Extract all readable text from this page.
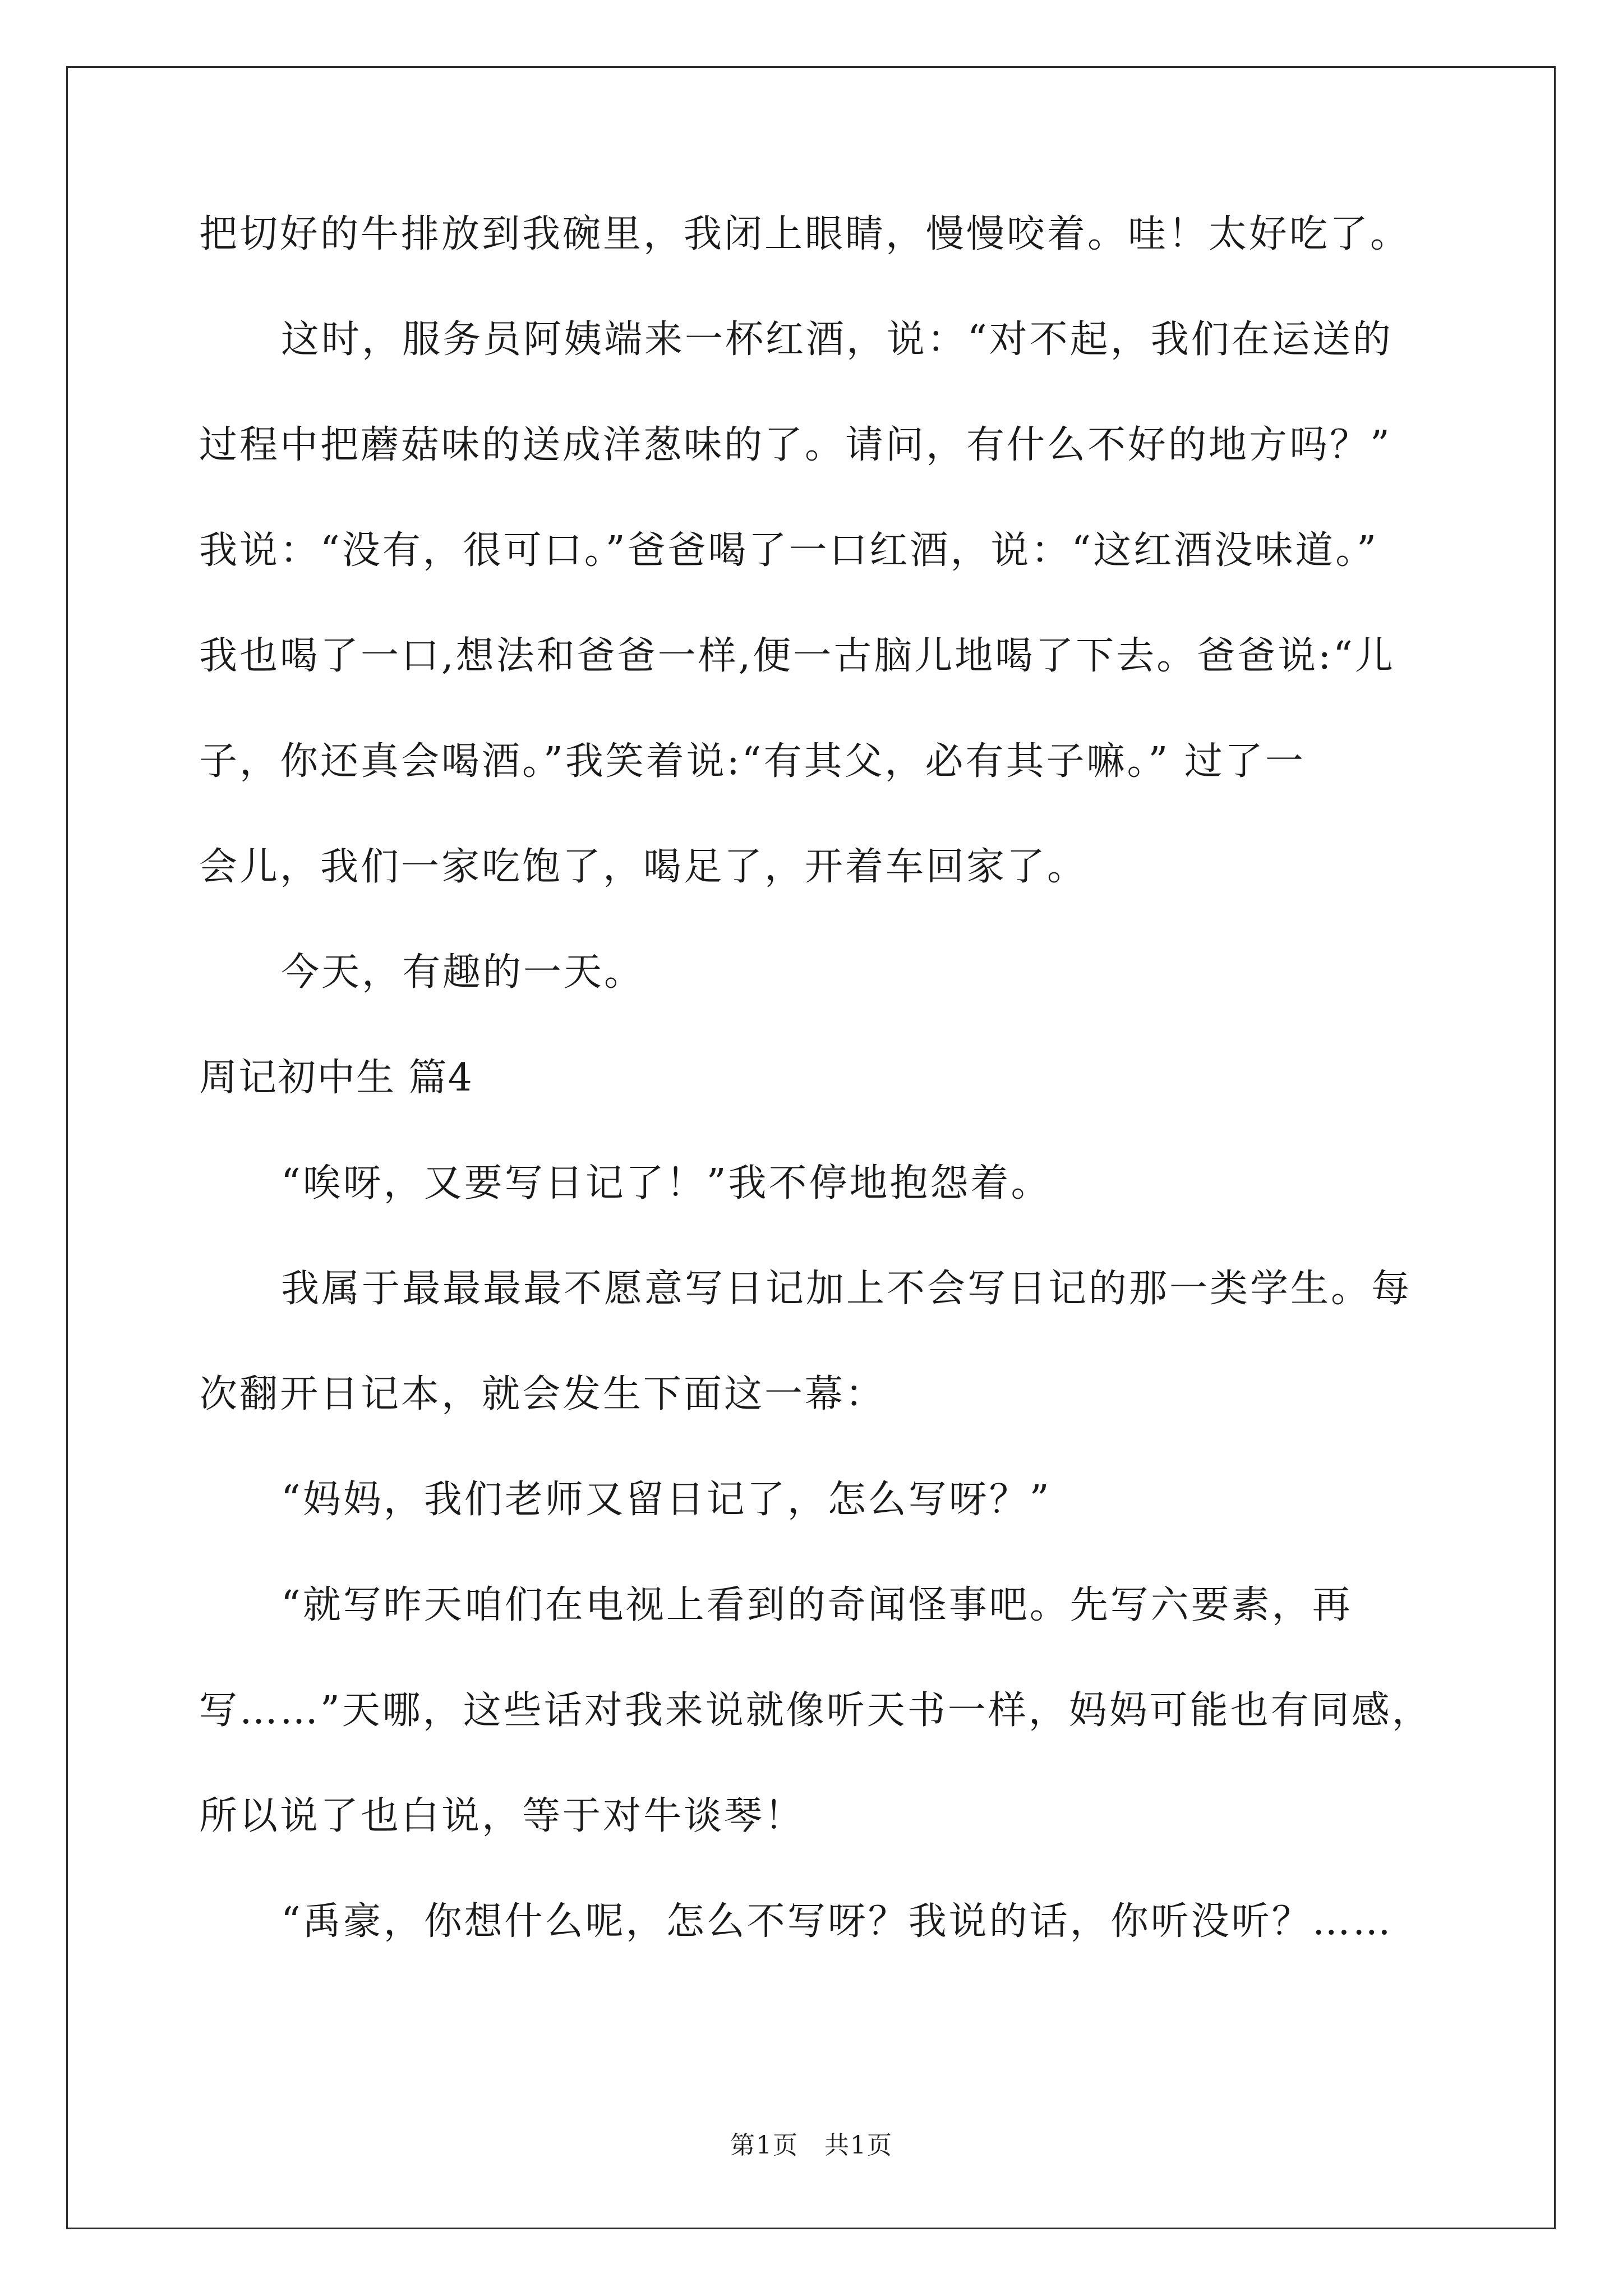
把切好的牛排放到我碗里，我闭上眼睛，慢慢咬着。哇！太好吃了。

这时，服务员阿姨端来一杯红酒，说：“对不起，我们在运送的

过程中把蘑菇味的送成洋葱味的了。请问，有什么不好的地方吗？”

我说：“没有，很可口。”爸爸喝了一口红酒，说：“这红酒没味道。”

我也喝了一口,想法和爸爸一样,便一古脑儿地喝了下去。爸爸说:“儿

子，你还真会喝酒。”我笑着说:“有其父，必有其子嘛。” 过了一

会儿，我们一家吃饱了，喝足了，开着车回家了。

今天，有趣的一天。

周记初中生 篇4

“唉呀，又要写日记了！”我不停地抱怨着。

我属于最最最最不愿意写日记加上不会写日记的那一类学生。每

次翻开日记本，就会发生下面这一幕：

“妈妈，我们老师又留日记了，怎么写呀？”

“就写昨天咱们在电视上看到的奇闻怪事吧。先写六要素，再

写……”天哪，这些话对我来说就像听天书一样，妈妈可能也有同感，

所以说了也白说，等于对牛谈琴！

“禹豪，你想什么呢，怎么不写呀？我说的话，你听没听？……

第1页　共1页
